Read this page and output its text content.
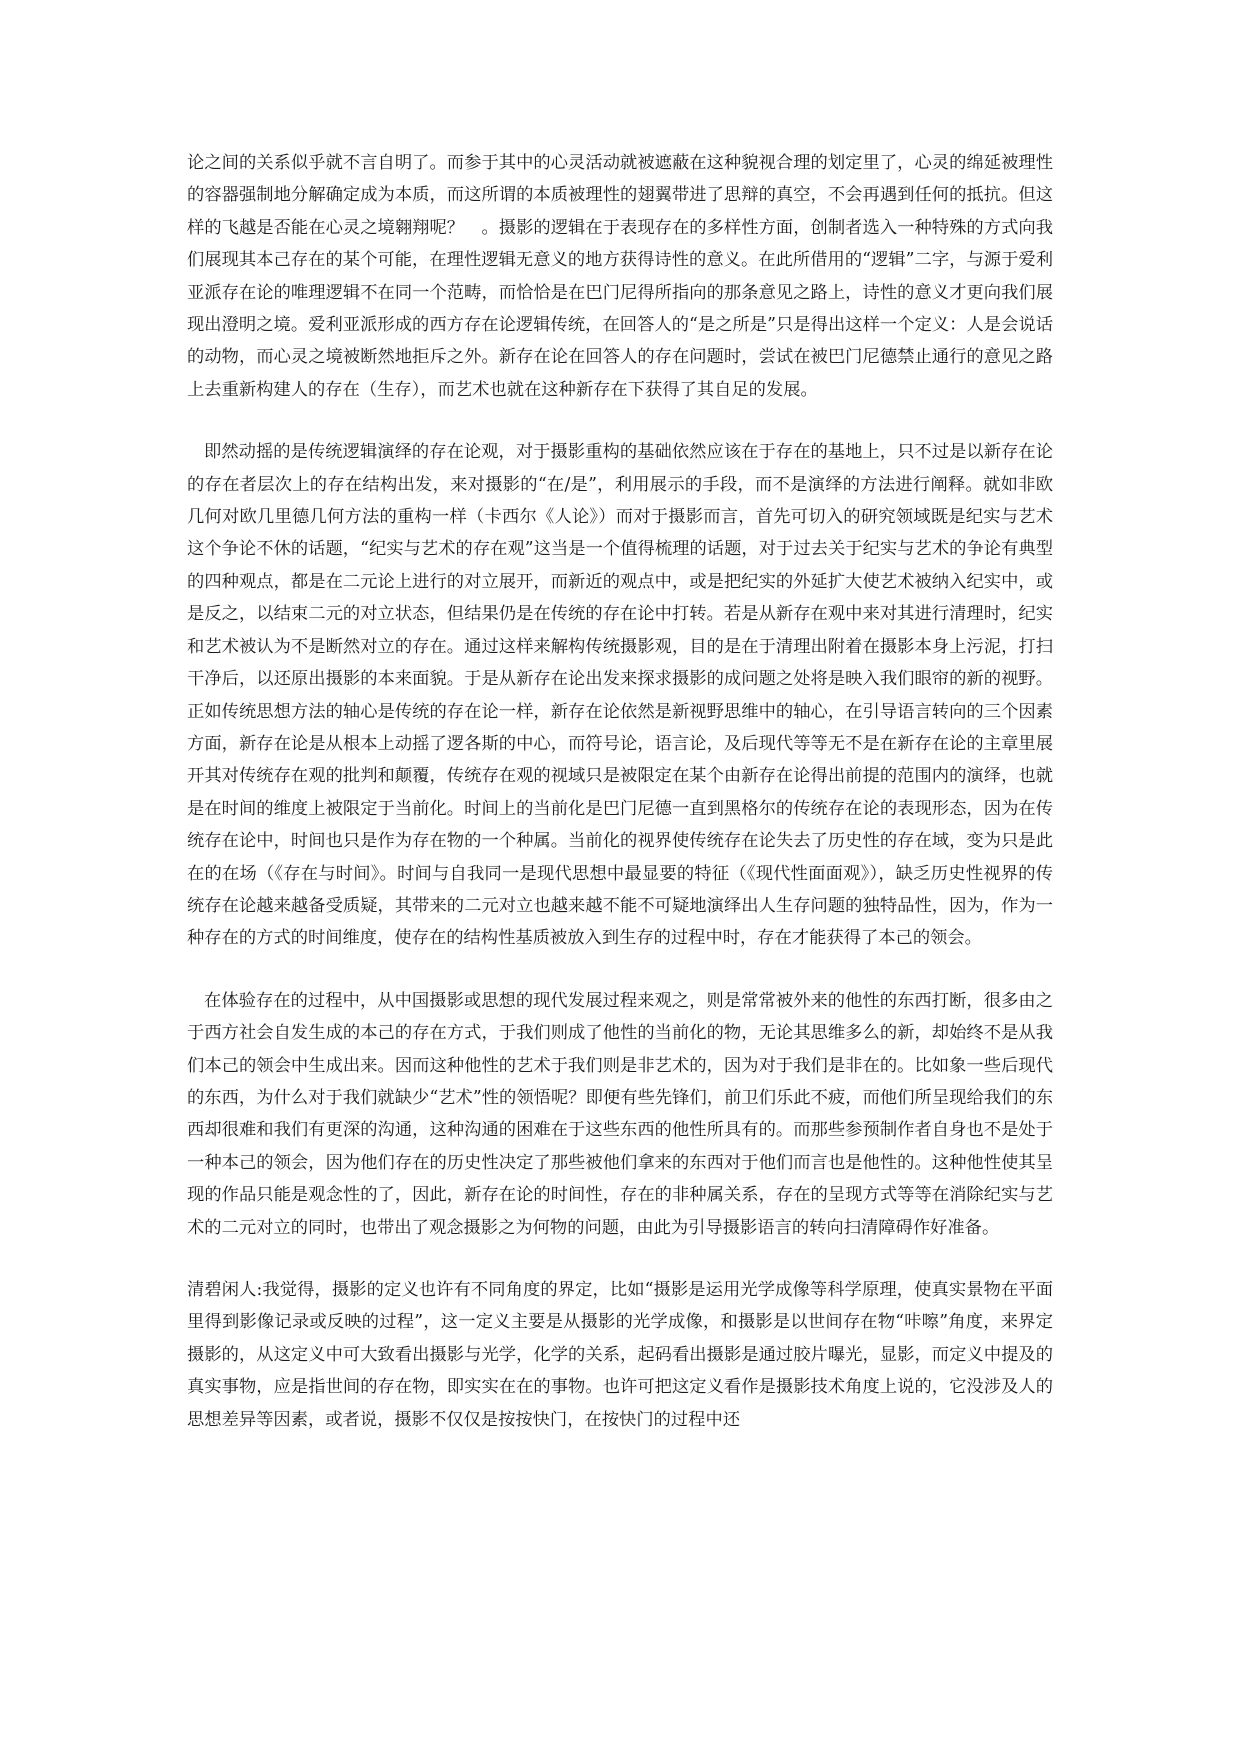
论之间的关系似乎就不言自明了。而参于其中的心灵活动就被遮蔽在这种貌视合理的划定里了，心灵的绵延被理性的容器强制地分解确定成为本质，而这所谓的本质被理性的翅翼带进了思辩的真空，不会再遇到任何的抵抗。但这样的飞越是否能在心灵之境翱翔呢？　。摄影的逻辑在于表现存在的多样性方面，创制者选入一种特殊的方式向我们展现其本己存在的某个可能，在理性逻辑无意义的地方获得诗性的意义。在此所借用的“逻辑”二字，与源于爱利亚派存在论的唯理逻辑不在同一个范畴，而恰恰是在巴门尼得所指向的那条意见之路上，诗性的意义才更向我们展现出澄明之境。爱利亚派形成的西方存在论逻辑传统，在回答人的“是之所是”只是得出这样一个定义：人是会说话的动物，而心灵之境被断然地拒斥之外。新存在论在回答人的存在问题时，尝试在被巴门尼德禁止通行的意见之路上去重新构建人的存在（生存），而艺术也就在这种新存在下获得了其自足的发展。

即然动摇的是传统逻辑演绎的存在论观，对于摄影重构的基础依然应该在于存在的基地上，只不过是以新存在论的存在者层次上的存在结构出发，来对摄影的“在/是”，利用展示的手段，而不是演绎的方法进行阐释。就如非欧几何对欧几里德几何方法的重构一样（卡西尔《人论》）而对于摄影而言，首先可切入的研究领域既是纪实与艺术这个争论不休的话题，“纪实与艺术的存在观”这当是一个值得梳理的话题，对于过去关于纪实与艺术的争论有典型的四种观点，都是在二元论上进行的对立展开，而新近的观点中，或是把纪实的外延扩大使艺术被纳入纪实中，或是反之，以结束二元的对立状态，但结果仍是在传统的存在论中打转。若是从新存在观中来对其进行清理时，纪实和艺术被认为不是断然对立的存在。通过这样来解构传统摄影观，目的是在于清理出附着在摄影本身上污泥，打扫干净后，以还原出摄影的本来面貌。于是从新存在论出发来探求摄影的成问题之处将是映入我们眼帘的新的视野。正如传统思想方法的轴心是传统的存在论一样，新存在论依然是新视野思维中的轴心，在引导语言转向的三个因素方面，新存在论是从根本上动摇了逻各斯的中心，而符号论，语言论，及后现代等等无不是在新存在论的主章里展开其对传统存在观的批判和颠覆，传统存在观的视域只是被限定在某个由新存在论得出前提的范围内的演绎，也就是在时间的维度上被限定于当前化。时间上的当前化是巴门尼德一直到黑格尔的传统存在论的表现形态，因为在传统存在论中，时间也只是作为存在物的一个种属。当前化的视界使传统存在论失去了历史性的存在域，变为只是此在的在场（《存在与时间》。时间与自我同一是现代思想中最显要的特征（《现代性面面观》），缺乏历史性视界的传统存在论越来越备受质疑，其带来的二元对立也越来越不能不可疑地演绎出人生存问题的独特品性，因为，作为一种存在的方式的时间维度，使存在的结构性基质被放入到生存的过程中时，存在才能获得了本己的领会。

在体验存在的过程中，从中国摄影或思想的现代发展过程来观之，则是常常被外来的他性的东西打断，很多由之于西方社会自发生成的本己的存在方式，于我们则成了他性的当前化的物，无论其思维多么的新，却始终不是从我们本己的领会中生成出来。因而这种他性的艺术于我们则是非艺术的，因为对于我们是非在的。比如象一些后现代的东西，为什么对于我们就缺少“艺术”性的领悟呢？即便有些先锋们，前卫们乐此不疲，而他们所呈现给我们的东西却很难和我们有更深的沟通，这种沟通的困难在于这些东西的他性所具有的。而那些参预制作者自身也不是处于一种本己的领会，因为他们存在的历史性决定了那些被他们拿来的东西对于他们而言也是他性的。这种他性使其呈现的作品只能是观念性的了，因此，新存在论的时间性，存在的非种属关系，存在的呈现方式等等在消除纪实与艺术的二元对立的同时，也带出了观念摄影之为何物的问题，由此为引导摄影语言的转向扫清障碍作好准备。

清碧闲人:我觉得，摄影的定义也许有不同角度的界定，比如“摄影是运用光学成像等科学原理，使真实景物在平面里得到影像记录或反映的过程”，这一定义主要是从摄影的光学成像，和摄影是以世间存在物“咔嚓”角度，来界定摄影的，从这定义中可大致看出摄影与光学，化学的关系，起码看出摄影是通过胶片曝光，显影，而定义中提及的真实事物，应是指世间的存在物，即实实在在的事物。也许可把这定义看作是摄影技术角度上说的，它没涉及人的思想差异等因素，或者说，摄影不仅仅是按按快门，在按快门的过程中还
